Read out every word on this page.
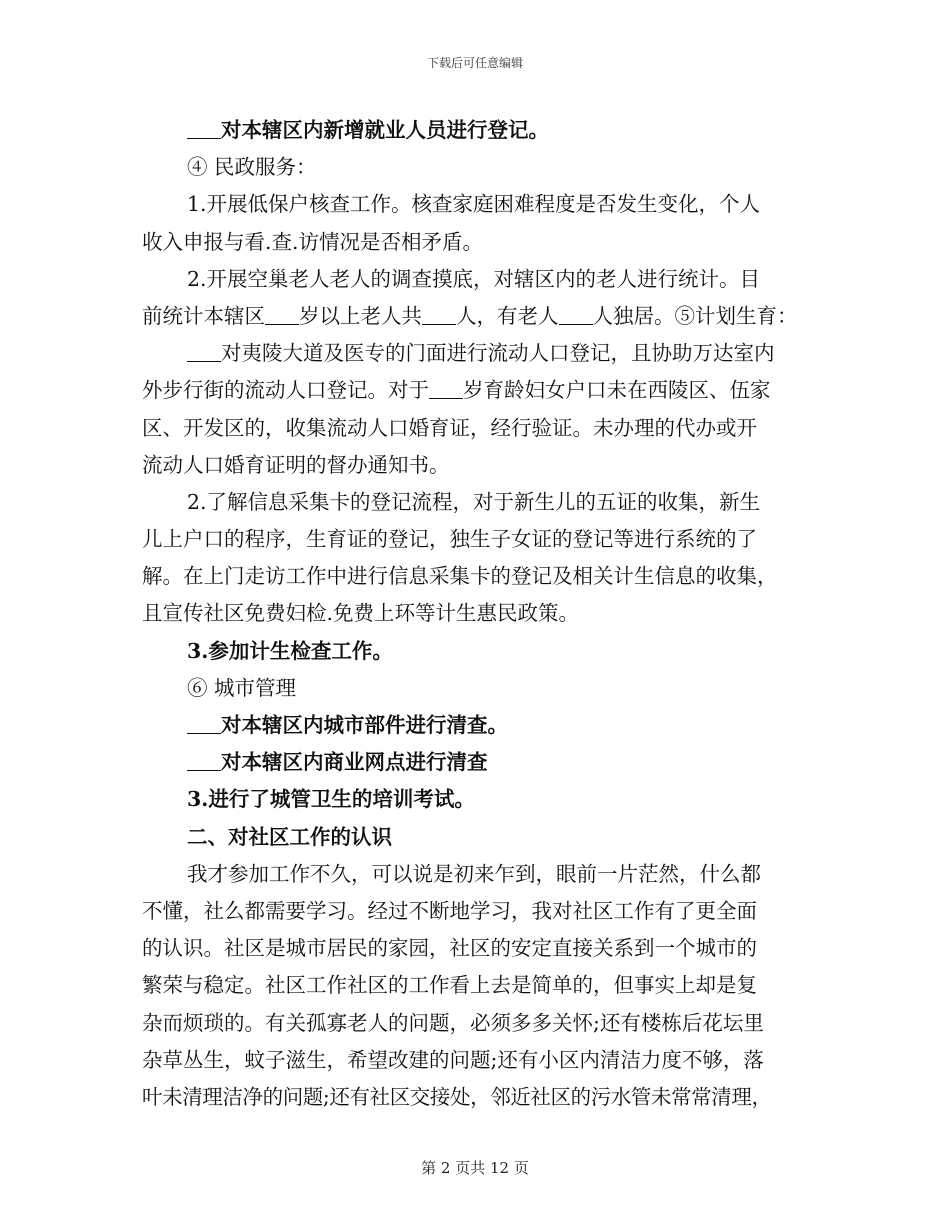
下载后可任意编辑
对本辖区内新增就业人员进行登记。
④ 民政服务：
1.开展低保户核查工作。核查家庭困难程度是否发生变化，个人
收入申报与看.查.访情况是否相矛盾。
2.开展空巢老人老人的调查摸底，对辖区内的老人进行统计。目
前统计本辖区 岁以上老人共 人，有老人 人独居。⑤计划生育：
对夷陵大道及医专的门面进行流动人口登记，且协助万达室内
外步行街的流动人口登记。对于 岁育龄妇女户口未在西陵区、伍家
区、开发区的，收集流动人口婚育证，经行验证。未办理的代办或开
流动人口婚育证明的督办通知书。
2.了解信息采集卡的登记流程，对于新生儿的五证的收集，新生
儿上户口的程序，生育证的登记，独生子女证的登记等进行系统的了
解。在上门走访工作中进行信息采集卡的登记及相关计生信息的收集，
且宣传社区免费妇检.免费上环等计生惠民政策。
3.参加计生检查工作。
⑥ 城市管理
对本辖区内城市部件进行清查。
对本辖区内商业网点进行清查
3.进行了城管卫生的培训考试。
二、对社区工作的认识
我才参加工作不久，可以说是初来乍到，眼前一片茫然，什么都
不懂，社么都需要学习。经过不断地学习，我对社区工作有了更全面
的认识。社区是城市居民的家园，社区的安定直接关系到一个城市的
繁荣与稳定。社区工作社区的工作看上去是简单的，但事实上却是复
杂而烦琐的。有关孤寡老人的问题，必须多多关怀;还有楼栋后花坛里
杂草丛生，蚊子滋生，希望改建的问题;还有小区内清洁力度不够，落
叶未清理洁净的问题;还有社区交接处，邻近社区的污水管未常常清理，
第 2 页共 12 页
